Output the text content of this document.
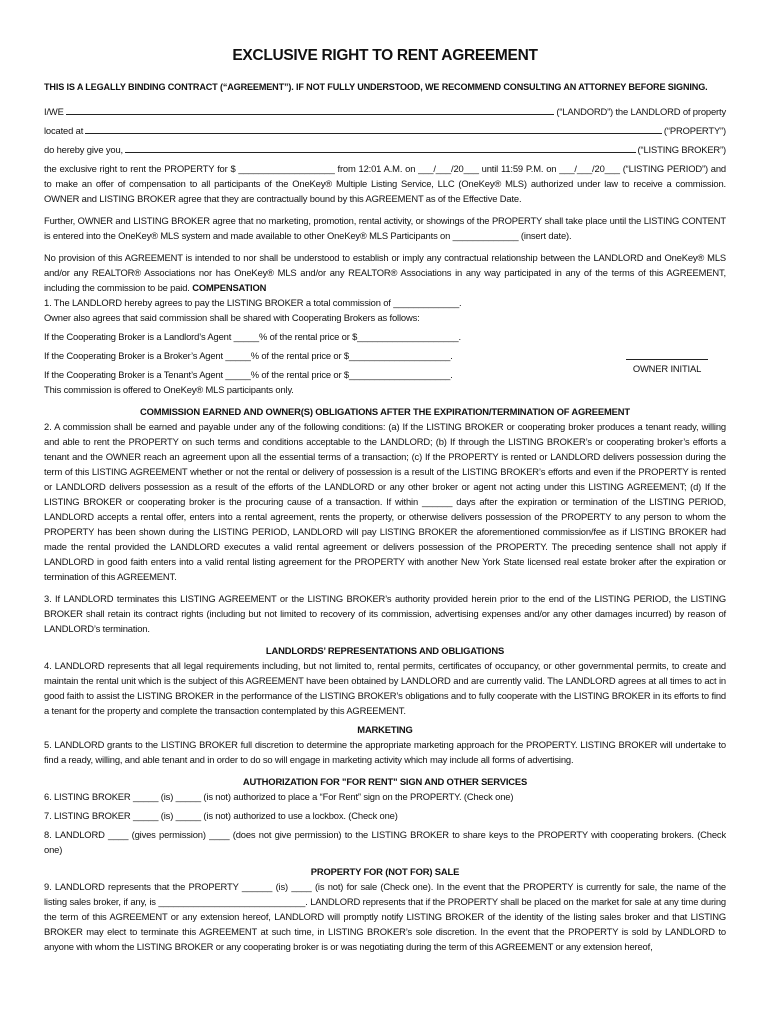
EXCLUSIVE RIGHT TO RENT AGREEMENT
THIS IS A LEGALLY BINDING CONTRACT (“AGREEMENT”). IF NOT FULLY UNDERSTOOD, WE RECOMMEND CONSULTING AN ATTORNEY BEFORE SIGNING.
I/WE	(“LANDORD”) the LANDLORD of property
located at	(“PROPERTY”)
do hereby give you,	(“LISTING BROKER”)

the exclusive right to rent the PROPERTY for $ ___________________ from 12:01 A.M. on ___/___/20___ until 11:59 P.M. on ___/___/20___ (“LISTING PERIOD”) and to make an offer of compensation to all participants of the OneKey® Multiple Listing Service, LLC (OneKey® MLS) authorized under law to receive a commission. OWNER and LISTING BROKER agree that they are contractually bound by this AGREEMENT as of the Effective Date.

Further, OWNER and LISTING BROKER agree that no marketing, promotion, rental activity, or showings of the PROPERTY shall take place until the LISTING CONTENT is entered into the OneKey® MLS system and made available to other OneKey® MLS Participants on _____________ (insert date).

No provision of this AGREEMENT is intended to nor shall be understood to establish or imply any contractual relationship between the LANDLORD and OneKey® MLS and/or any REALTOR® Associations nor has OneKey® MLS and/or any REALTOR® Associations in any way participated in any of the terms of this AGREEMENT, including the commission to be paid. COMPENSATION

1. The LANDLORD hereby agrees to pay the LISTING BROKER a total commission of _____________.

Owner also agrees that said commission shall be shared with Cooperating Brokers as follows:

If the Cooperating Broker is a Landlord’s Agent _____% of the rental price or $____________________.

If the Cooperating Broker is a Broker’s Agent _____% of the rental price or $____________________.

If the Cooperating Broker is a Tenant’s Agent _____% of the rental price or $____________________.

OWNER INITIAL

This commission is offered to OneKey® MLS participants only.

COMMISSION EARNED AND OWNER(S) OBLIGATIONS AFTER THE EXPIRATION/TERMINATION OF AGREEMENT

2. A commission shall be earned and payable under any of the following conditions: (a) If the LISTING BROKER or cooperating broker produces a tenant ready, willing and able to rent the PROPERTY on such terms and conditions acceptable to the LANDLORD; (b) If through the LISTING BROKER’s or cooperating broker’s efforts a tenant and the OWNER reach an agreement upon all the essential terms of a transaction; (c) If the PROPERTY is rented or LANDLORD delivers possession during the term of this LISTING AGREEMENT whether or not the rental or delivery of possession is a result of the LISTING BROKER’s efforts and even if the PROPERTY is rented or LANDLORD delivers possession as a result of the efforts of the LANDLORD or any other broker or agent not acting under this LISTING AGREEMENT; (d) If the LISTING BROKER or cooperating broker is the procuring cause of a transaction. If within ______ days after the expiration or termination of the LISTING PERIOD, LANDLORD accepts a rental offer, enters into a rental agreement, rents the property, or otherwise delivers possession of the PROPERTY to any person to whom the PROPERTY has been shown during the LISTING PERIOD, LANDLORD will pay LISTING BROKER the aforementioned commission/fee as if LISTING BROKER had made the rental provided the LANDLORD executes a valid rental agreement or delivers possession of the PROPERTY. The preceding sentence shall not apply if LANDLORD in good faith enters into a valid rental listing agreement for the PROPERTY with another New York State licensed real estate broker after the expiration or termination of this AGREEMENT.

3. If LANDLORD terminates this LISTING AGREEMENT or the LISTING BROKER’s authority provided herein prior to the end of the LISTING PERIOD, the LISTING BROKER shall retain its contract rights (including but not limited to recovery of its commission, advertising expenses and/or any other damages incurred) by reason of LANDLORD’s termination.

LANDLORDS’ REPRESENTATIONS AND OBLIGATIONS

4. LANDLORD represents that all legal requirements including, but not limited to, rental permits, certificates of occupancy, or other governmental permits, to create and maintain the rental unit which is the subject of this AGREEMENT have been obtained by LANDLORD and are currently valid. The LANDLORD agrees at all times to act in good faith to assist the LISTING BROKER in the performance of the LISTING BROKER’s obligations and to fully cooperate with the LISTING BROKER in its efforts to find a tenant for the property and complete the transaction contemplated by this AGREEMENT.

MARKETING

5. LANDLORD grants to the LISTING BROKER full discretion to determine the appropriate marketing approach for the PROPERTY. LISTING BROKER will undertake to find a ready, willing, and able tenant and in order to do so will engage in marketing activity which may include all forms of advertising.

AUTHORIZATION FOR "FOR RENT" SIGN AND OTHER SERVICES

6. LISTING BROKER _____ (is) _____ (is not) authorized to place a “For Rent” sign on the PROPERTY. (Check one)

7. LISTING BROKER _____ (is) _____ (is not) authorized to use a lockbox. (Check one)

8. LANDLORD ____ (gives permission) ____ (does not give permission) to the LISTING BROKER to share keys to the PROPERTY with cooperating brokers. (Check one)

PROPERTY FOR (NOT FOR) SALE

9. LANDLORD represents that the PROPERTY ______ (is) ____ (is not) for sale (Check one). In the event that the PROPERTY is currently for sale, the name of the listing sales broker, if any, is _____________________________. LANDLORD represents that if the PROPERTY shall be placed on the market for sale at any time during the term of this AGREEMENT or any extension hereof, LANDLORD will promptly notify LISTING BROKER of the identity of the listing sales broker and that LISTING BROKER may elect to terminate this AGREEMENT at such time, in LISTING BROKER’s sole discretion. In the event that the PROPERTY is sold by LANDLORD to anyone with whom the LISTING BROKER or any cooperating broker is or was negotiating during the term of this AGREEMENT or any extension hereof,
